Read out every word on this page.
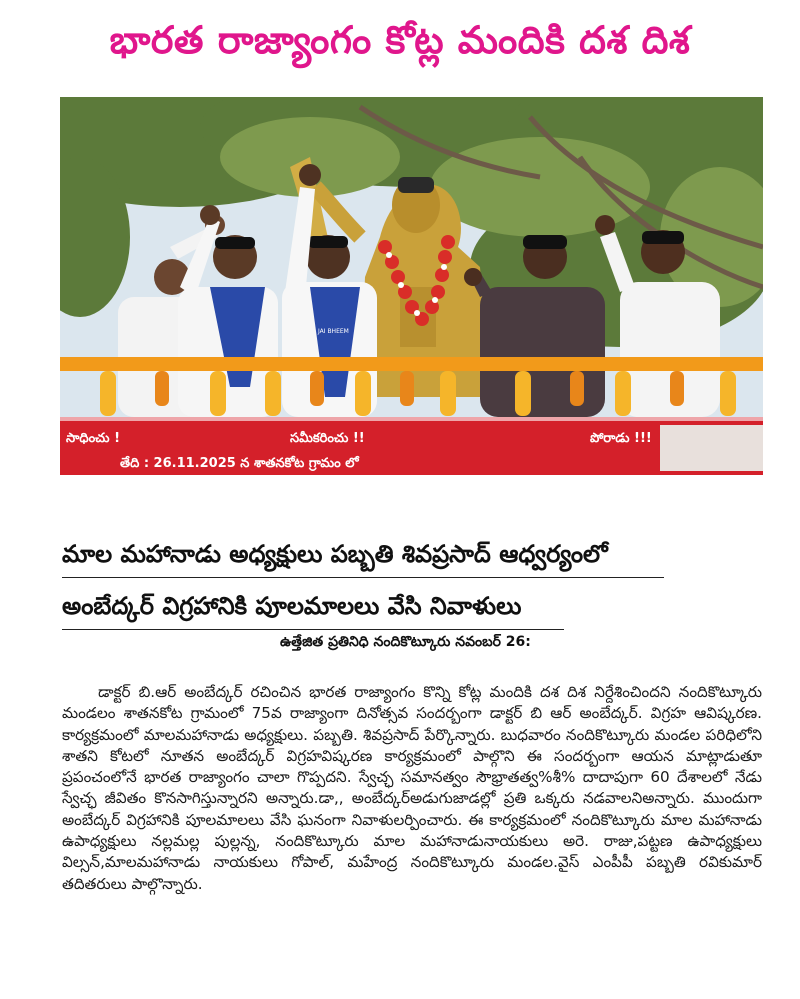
భారత రాజ్యాంగం కోట్ల మందికి దశ దిశ
సాధించు !	సమీకరించు !!	పోరాడు !!!
తేది : 26.11.2025 న శాతనకోట గ్రామం లో
JAI BHEEM
మాల మహానాడు అధ్యక్షులు పబ్బతి శివప్రసాద్ ఆధ్వర్యంలో
అంబేద్కర్ విగ్రహానికి పూలమాలలు వేసి నివాళులు
ఉత్తేజిత ప్రతినిధి నందికొట్కూరు నవంబర్ 26:
డాక్టర్ బి.ఆర్ అంబేద్కర్ రచించిన భారత రాజ్యాంగం కొన్ని కోట్ల మందికి దశ దిశ నిర్దేశించిందని నందికొట్కూరు మండలం శాతనకోట గ్రామంలో 75వ రాజ్యాంగా దినోత్సవ సందర్బంగా డాక్టర్ బి ఆర్ అంబేద్కర్. విగ్రహ ఆవిష్కరణ. కార్యక్రమంలో మాలమహానాడు అధ్యక్షులు. పబ్బతి. శివప్రసాద్ పేర్కొన్నారు. బుధవారం నందికొట్కూరు మండల పరిధిలోని శాతని కోటలో నూతన అంబేద్కర్ విగ్రహవిష్కరణ కార్యక్రమంలో పాల్గొని ఈ సందర్బంగా ఆయన మాట్లాడుతూ ప్రపంచంలోనే భారత రాజ్యాంగం చాలా గొప్పదని. స్వేచ్ఛ సమానత్వం సౌభ్రాతత్వ%శీ% దాదాపుగా 60 దేశాలలో నేడు స్వేచ్ఛ జీవితం కొనసాగిస్తున్నారని అన్నారు.డా,, అంబేద్కర్అడుగుజాడల్లో ప్రతి ఒక్కరు నడవాలనిఅన్నారు. ముందుగా అంబేద్కర్ విగ్రహానికి పూలమాలలు వేసి ఘనంగా నివాళులర్పించారు. ఈ కార్యక్రమంలో నందికొట్కూరు మాల మహానాడు ఉపాధ్యక్షులు నల్లమల్ల పుల్లన్న, నందికొట్కూరు మాల మహానాడునాయకులు అరె. రాజు,పట్టణ ఉపాధ్యక్షులు విల్సన్,మాలమహానాడు నాయకులు గోపాల్, మహేంద్ర నందికొట్కూరు మండల.వైస్ ఎంపీపీ పబ్బతి రవికుమార్ తదితరులు పాల్గొన్నారు.
